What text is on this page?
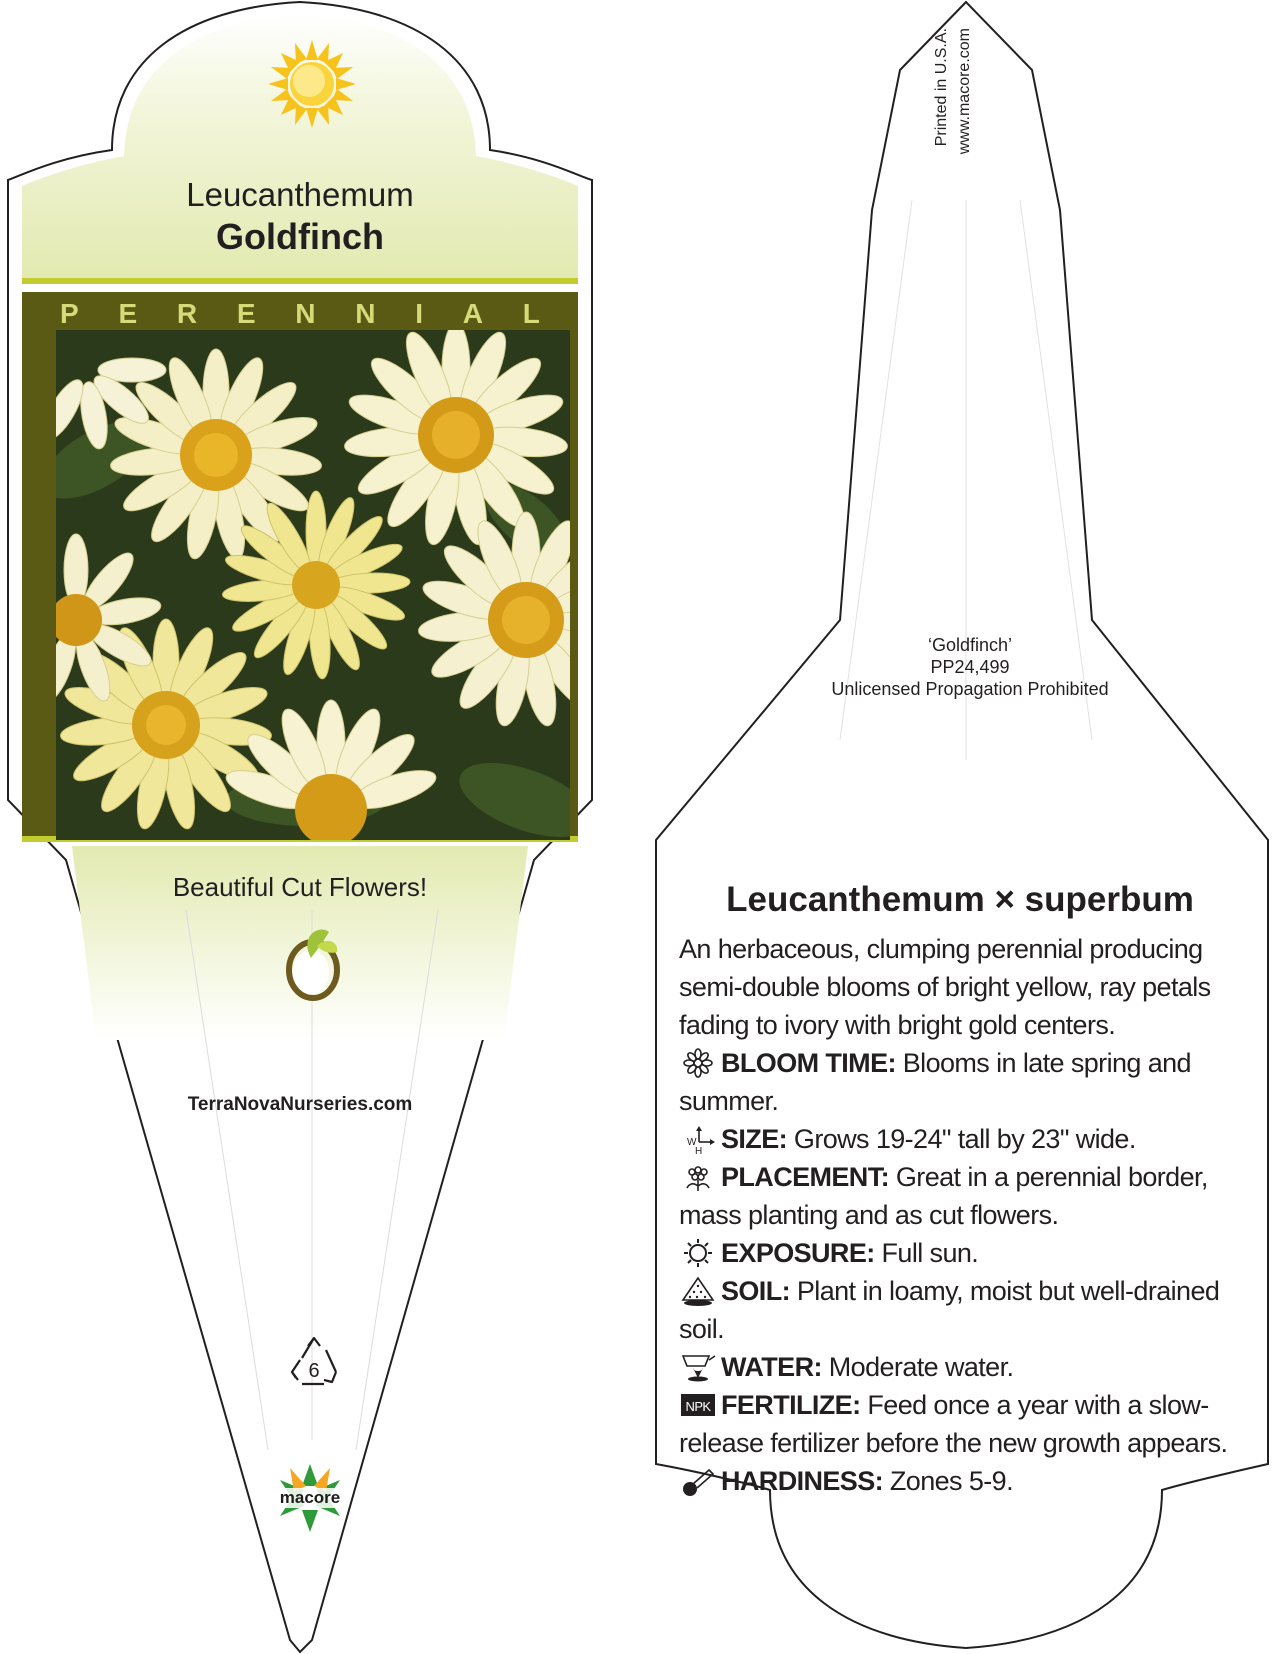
Leucanthemum
Goldfinch
P E R E N N I A L
Beautiful Cut Flowers!
TerraNovaNurseries.com
6
macore
Printed in U.S.A. www.macore.com
‘Goldfinch’
PP24,499
Unlicensed Propagation Prohibited
Leucanthemum × superbum
An herbaceous, clumping perennial producing semi-double blooms of bright yellow, ray petals fading to ivory with bright gold centers.
BLOOM TIME: Blooms in late spring and summer.
W
H SIZE: Grows 19-24" tall by 23" wide.
PLACEMENT: Great in a perennial border, mass planting and as cut flowers.
EXPOSURE: Full sun.
SOIL: Plant in loamy, moist but well-drained soil.
WATER: Moderate water.
NPK FERTILIZE: Feed once a year with a slow-release fertilizer before the new growth appears.
HARDINESS: Zones 5-9.
